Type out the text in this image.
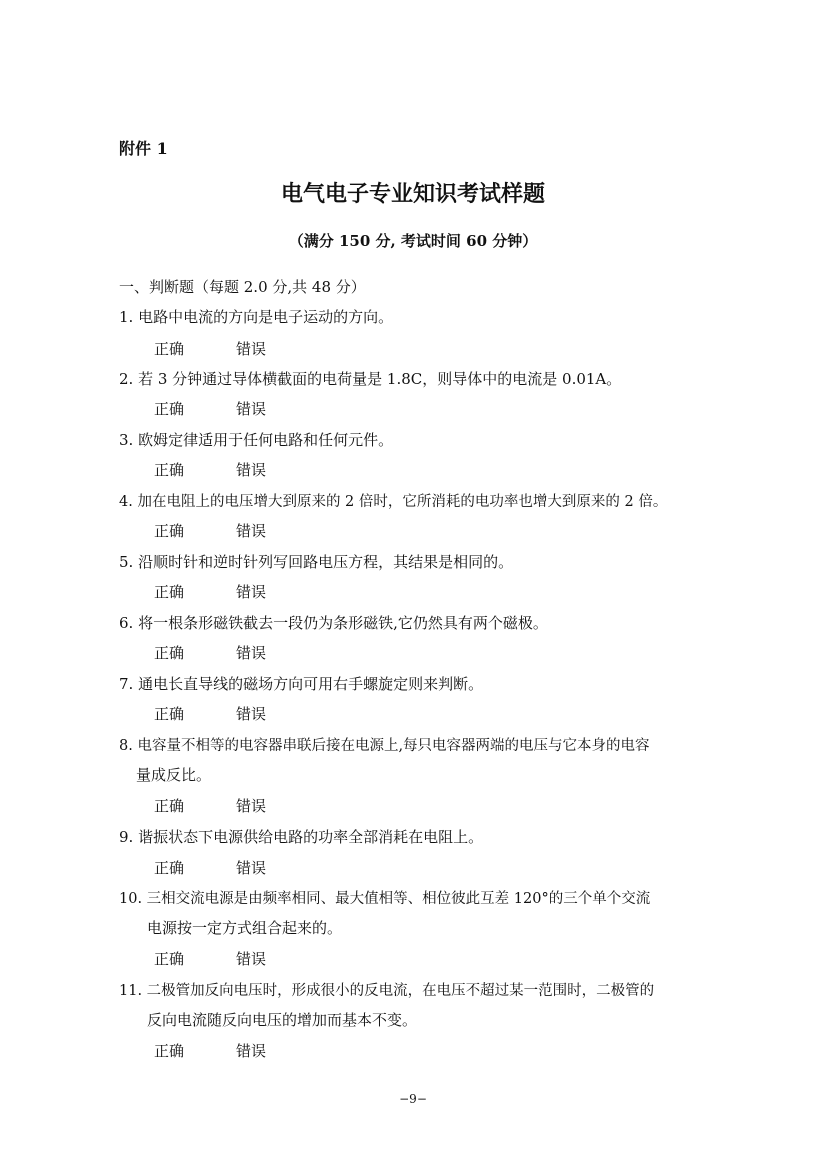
附件 1
电气电子专业知识考试样题
（满分 150 分, 考试时间 60 分钟）
一、判断题（每题 2.0 分,共 48 分）
1. 电路中电流的方向是电子运动的方向。
正确	错误
2. 若 3 分钟通过导体横截面的电荷量是 1.8C，则导体中的电流是 0.01A。
正确	错误
3. 欧姆定律适用于任何电路和任何元件。
正确	错误
4. 加在电阻上的电压增大到原来的 2 倍时，它所消耗的电功率也增大到原来的 2 倍。
正确	错误
5. 沿顺时针和逆时针列写回路电压方程，其结果是相同的。
正确	错误
6. 将一根条形磁铁截去一段仍为条形磁铁,它仍然具有两个磁极。
正确	错误
7. 通电长直导线的磁场方向可用右手螺旋定则来判断。
正确	错误
8. 电容量不相等的电容器串联后接在电源上,每只电容器两端的电压与它本身的电容
量成反比。
正确	错误
9. 谐振状态下电源供给电路的功率全部消耗在电阻上。
正确	错误
10. 三相交流电源是由频率相同、最大值相等、相位彼此互差 120°的三个单个交流
电源按一定方式组合起来的。
正确	错误
11. 二极管加反向电压时，形成很小的反电流，在电压不超过某一范围时，二极管的
反向电流随反向电压的增加而基本不变。
正确	错误
−9−
